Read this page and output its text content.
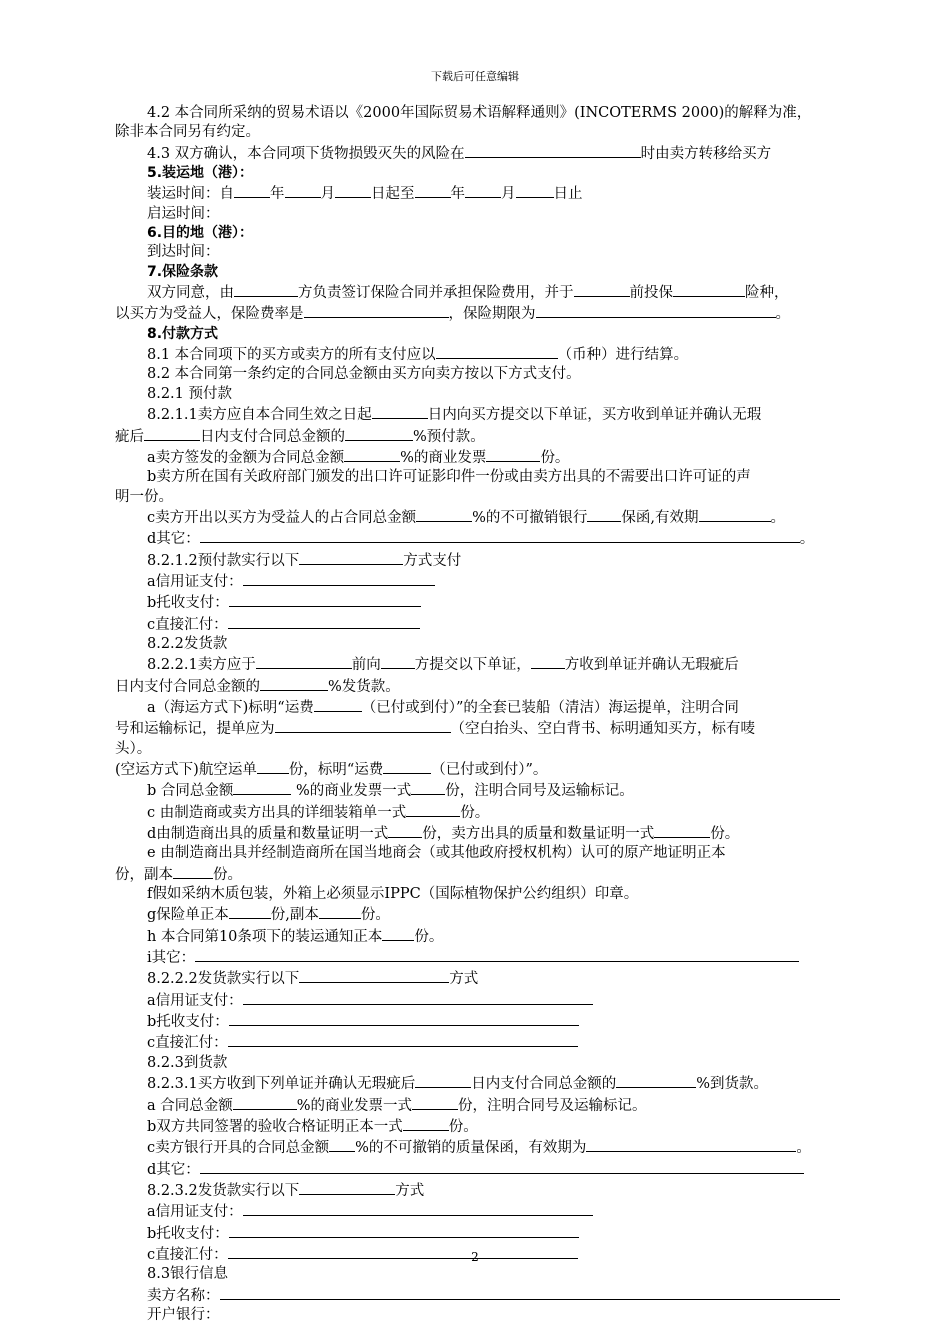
下载后可任意编辑

4.2 本合同所采纳的贸易术语以《2000年国际贸易术语解释通则》(INCOTERMS 2000)的解释为准，

除非本合同另有约定。

4.3 双方确认，本合同项下货物损毁灭失的风险在	时由卖方转移给买方

5.装运地（港）：

装运时间：自 年 月 日起至 年 月	日止

启运时间：

6.目的地（港）：

到达时间：

7.保险条款

双方同意，由	方负责签订保险合同并承担保险费用，并于	前投保	险种，

以买方为受益人，保险费率是	，保险期限为	。

8.付款方式

8.1 本合同项下的买方或卖方的所有支付应以	（币种）进行结算。

8.2 本合同第一条约定的合同总金额由买方向卖方按以下方式支付。

8.2.1 预付款

8.2.1.1卖方应自本合同生效之日起	日内向买方提交以下单证，买方收到单证并确认无瑕

疵后	日内支付合同总金额的	%预付款。

a卖方签发的金额为合同总金额	%的商业发票	份。

b卖方所在国有关政府部门颁发的出口许可证影印件一份或由卖方出具的不需要出口许可证的声

明一份。

c卖方开出以买方为受益人的占合同总金额	%的不可撤销银行 保函,有效期	。

d其它：	。

8.2.1.2预付款实行以下	方式支付

a信用证支付：

b托收支付：

c直接汇付：

8.2.2发货款

8.2.2.1卖方应于	前向 方提交以下单证， 方收到单证并确认无瑕疵后

日内支付合同总金额的	%发货款。

a（海运方式下)标明“运费	（已付或到付）”的全套已装船（清洁）海运提单，注明合同

号和运输标记，提单应为	（空白抬头、空白背书、标明通知买方，标有唛

头）。

(空运方式下)航空运单 份，标明“运费	（已付或到付）”。

b 合同总金额	%的商业发票一式 份，注明合同号及运输标记。

c 由制造商或卖方出具的详细装箱单一式	份。

d由制造商出具的质量和数量证明一式 份，卖方出具的质量和数量证明一式	份。

e 由制造商出具并经制造商所在国当地商会（或其他政府授权机构）认可的原产地证明正本

份，副本	份。

f假如采纳木质包装，外箱上必须显示IPPC（国际植物保护公约组织）印章。

g保险单正本	份,副本	份。

h 本合同第10条项下的装运通知正本 份。

i其它：

8.2.2.2发货款实行以下	方式

a信用证支付：

b托收支付：

c直接汇付：

8.2.3到货款

8.2.3.1买方收到下列单证并确认无瑕疵后	日内支付合同总金额的	%到货款。

a 合同总金额	%的商业发票一式	份，注明合同号及运输标记。

b双方共同签署的验收合格证明正本一式	份。

c卖方银行开具的合同总金额 %的不可撤销的质量保函，有效期为	。

d其它：

8.2.3.2发货款实行以下	方式

a信用证支付：

b托收支付：

c直接汇付：

8.3银行信息

卖方名称：

开户银行：

2
